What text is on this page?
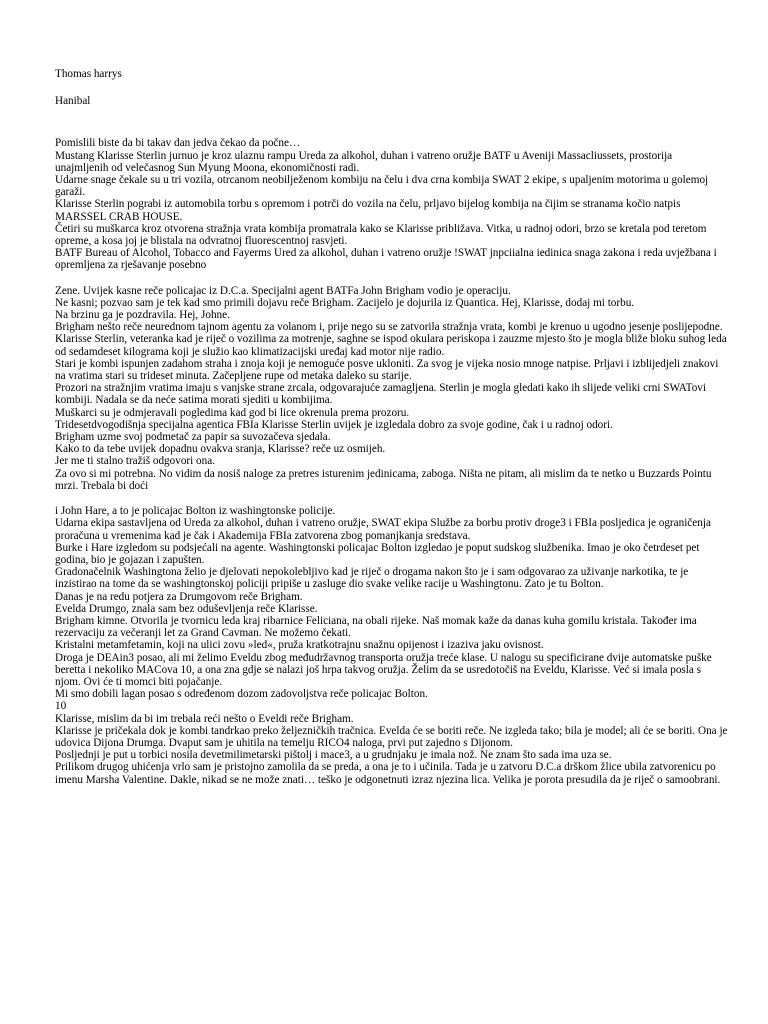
Thomas harrys

Hanibal

Pomislili biste da bi takav dan jedva čekao da počne…

Mustang Klarisse Sterlin jurnuo je kroz ulaznu rampu Ureda za alkohol, duhan i vatreno oružje BATF u Aveniji Massacliussets, prostorija unajmljenih od velečasnog Sun Myung Moona, ekonomičnosti radi.

Udarne snage čekale su u tri vozila, otrcanom neobilježenom kombiju na čelu i dva crna kombija SWAT 2 ekipe, s upaljenim motorima u golemoj garaži.

Klarisse Sterlin pograbi iz automobila torbu s opremom i potrči do vozila na čelu, prljavo bijelog kombija na čijim se stranama kočio natpis MARSSEL CRAB HOUSE.

Četiri su muškarca kroz otvorena stražnja vrata kombija promatrala kako se Klarisse približava. Vitka, u radnoj odori, brzo se kretala pod teretom opreme, a kosa joj je blistala na odvratnoj fluorescentnoj rasvjeti.

BATF Bureau of Alcohol, Tobacco and Fayerms Ured za alkohol, duhan i vatreno oružje !SWAT jnpciialna iedinica snaga zakona i reda uvježbana i opremljena za rješavanje posebno

Zene. Uvijek kasne reče policajac iz D.C.a. Specijalni agent BATFa John Brigham vodio je operaciju.

Ne kasni; pozvao sam je tek kad smo primili dojavu reče Brigham. Zacijelo je dojurila iz Quantica. Hej, Klarisse, dodaj mi torbu.

Na brzinu ga je pozdravila. Hej, Johne.

Brigham nešto reče neurednom tajnom agentu za volanom i, prije nego su se zatvorila stražnja vrata, kombi je krenuo u ugodno jesenje poslijepodne.

Klarisse Sterlin, veteranka kad je riječ o vozilima za motrenje, saghne se ispod okulara periskopa i zauzme mjesto što je mogla bliže bloku suhog leda od sedamdeset kilograma koji je služio kao klimatizacijski uređaj kad motor nije radio.

Stari je kombi ispunjen zadahom straha i znoja koji je nemoguće posve ukloniti. Za svog je vijeka nosio mnoge natpise. Prljavi i izblijedjeli znakovi na vratima stari su trideset minuta. Začepljene rupe od metaka daleko su starije.

Prozori na stražnjim vratima imaju s vanjske strane zrcala, odgovarajuće zamagljena. Sterlin je mogla gledati kako ih slijede veliki crni SWATovi kombiji. Nadala se da neće satima morati sjediti u kombijima.

Muškarci su je odmjeravali pogledima kad god bi lice okrenula prema prozoru.

Tridesetdvogodišnja specijalna agentica FBIa Klarisse Sterlin uvijek je izgledala dobro za svoje godine, čak i u radnoj odori.

Brigham uzme svoj podmetač za papir sa suvozačeva sjedala.

Kako to da tebe uvijek dopadnu ovakva sranja, Klarisse? reče uz osmijeh.

Jer me ti stalno tražiš odgovori ona.

Za ovo si mi potrebna. No vidim da nosiš naloge za pretres isturenim jedinicama, zaboga. Ništa ne pitam, ali mislim da te netko u Buzzards Pointu mrzi. Trebala bi doći

i John Hare, a to je policajac Bolton iz washingtonske policije.

Udarna ekipa sastavljena od Ureda za alkohol, duhan i vatreno oružje, SWAT ekipa Službe za borbu protiv droge3 i FBIa posljedica je ograničenja proračuna u vremenima kad je čak i Akademija FBIa zatvorena zbog pomanjkanja sredstava.

Burke i Hare izgledom su podsjećali na agente. Washingtonski policajac Bolton izgledao je poput sudskog službenika. Imao je oko četrdeset pet godina, bio je gojazan i zapušten.

Gradonačelnik Washingtona želio je djelovati nepokolebljivo kad je riječ o drogama nakon što je i sam odgovarao za uživanje narkotika, te je inzistirao na tome da se washingtonskoj policiji pripiše u zasluge dio svake velike racije u Washingtonu. Zato je tu Bolton.

Danas je na redu potjera za Drumgovom reče Brigham.

Evelda Drumgo, znala sam bez oduševljenja reče Klarisse.

Brigham kimne. Otvorila je tvornicu leda kraj ribarnice Feliciana, na obali rijeke. Naš momak kaže da danas kuha gomilu kristala. Također ima rezervaciju za večeranji let za Grand Cavman. Ne možemo čekati.

Kristalni metamfetamin, koji na ulici zovu »led«, pruža kratkotrajnu snažnu opijenost i izaziva jaku ovisnost.

Droga je DEAin3 posao, ali mi želimo Eveldu zbog međudržavnog transporta oružja treće klase. U nalogu su specificirane dvije automatske puške beretta i nekoliko MACova 10, a ona zna gdje se nalazi još hrpa takvog oružja. Želim da se usredotočiš na Eveldu, Klarisse. Već si imala posla s njom. Ovi će ti momci biti pojačanje.

Mi smo dobili lagan posao s određenom dozom zadovoljstva reče policajac Bolton.

10

Klarisse, mislim da bi im trebala reći nešto o Eveldi reče Brigham.

Klarisse je pričekala dok je kombi tandrkao preko željezničkih tračnica. Evelda će se boriti reče. Ne izgleda tako; bila je model; ali će se boriti. Ona je udovica Dijona Drumga. Dvaput sam je uhitila na temelju RICO4 naloga, prvi put zajedno s Dijonom.

Posljednji je put u torbici nosila devetmilimetarski pištolj i mace3, a u grudnjaku je imala nož. Ne znam što sada ima uza se.

Prilikom drugog uhićenja vrlo sam je pristojno zamolila da se preda, a ona je to i učinila. Tada je u zatvoru D.C.a drškom žlice ubila zatvorenicu po imenu Marsha Valentine. Dakle, nikad se ne može znati… teško je odgonetnuti izraz njezina lica. Velika je porota presudila da je riječ o samoobrani.
